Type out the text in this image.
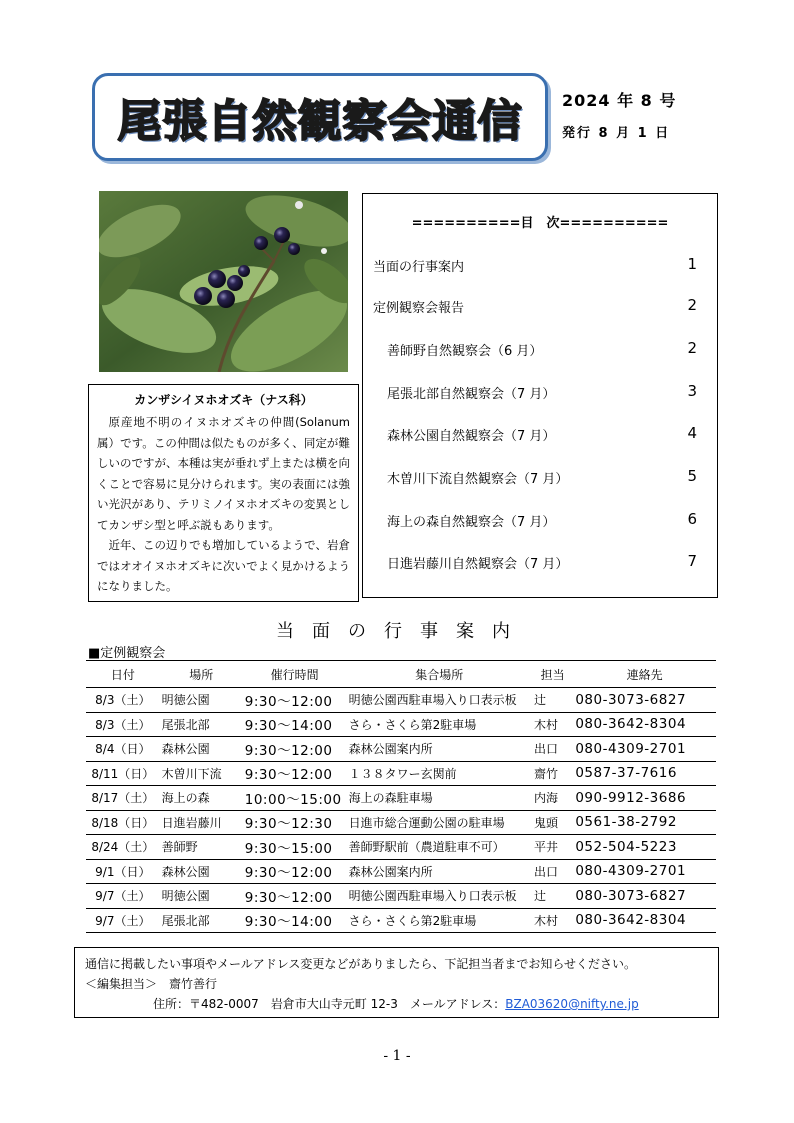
尾張自然観察会通信	2024 年 8 号
発行 8 月 1 日
カンザシイヌホオズキ（ナス科）

原産地不明のイヌホオズキの仲間(Solanum属）です。この仲間は似たものが多く、同定が難しいのですが、本種は実が垂れず上または横を向くことで容易に見分けられます。実の表面には強い光沢があり、テリミノイヌホオズキの変異としてカンザシ型と呼ぶ説もあります。

近年、この辺りでも増加しているようで、岩倉ではオオイヌホオズキに次いでよく見かけるようになりました。

==========目　次==========
当面の行事案内	1
定例観察会報告	2
善師野自然観察会（6 月）	2
尾張北部自然観察会（7 月）	3
森林公園自然観察会（7 月）	4
木曽川下流自然観察会（7 月）	5
海上の森自然観察会（7 月）	6
日進岩藤川自然観察会（7 月）	7
当面の行事案内
■定例観察会
日付	場所	催行時間	集合場所	担当	連絡先
8/3（土）	明徳公園	9:30～12:00	明徳公園西駐車場入り口表示板	辻	080-3073-6827
8/3（土）	尾張北部	9:30～14:00	さら・さくら第2駐車場	木村	080-3642-8304
8/4（日）	森林公園	9:30～12:00	森林公園案内所	出口	080-4309-2701
8/11（日）	木曽川下流	9:30～12:00	１３８タワー玄関前	齋竹	0587-37-7616
8/17（土）	海上の森	10:00～15:00	海上の森駐車場	内海	090-9912-3686
8/18（日）	日進岩藤川	9:30～12:30	日進市総合運動公園の駐車場	鬼頭	0561-38-2792
8/24（土）	善師野	9:30～15:00	善師野駅前（農道駐車不可）	平井	052-504-5223
9/1（日）	森林公園	9:30～12:00	森林公園案内所	出口	080-4309-2701
9/7（土）	明徳公園	9:30～12:00	明徳公園西駐車場入り口表示板	辻	080-3073-6827
9/7（土）	尾張北部	9:30～14:00	さら・さくら第2駐車場	木村	080-3642-8304
通信に掲載したい事項やメールアドレス変更などがありましたら、下記担当者までお知らせください。
＜編集担当＞　齋竹善行
住所：〒482-0007　岩倉市大山寺元町 12-3　メールアドレス：BZA03620@nifty.ne.jp
- 1 -
